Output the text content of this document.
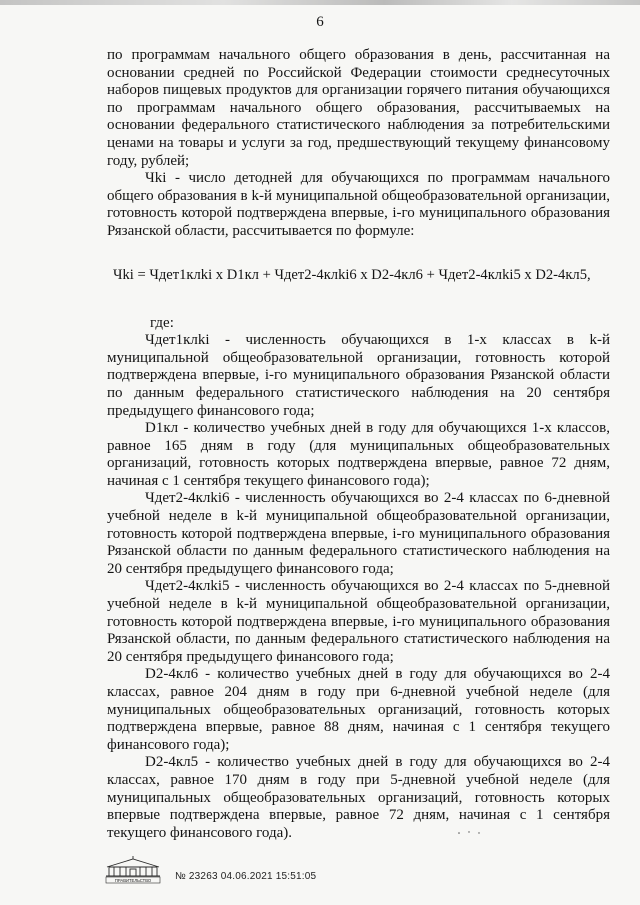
6

по программам начального общего образования в день, рассчитанная на основании средней по Российской Федерации стоимости среднесуточных наборов пищевых продуктов для организации горячего питания обучающихся по программам начального общего образования, рассчитываемых на основании федерального статистического наблюдения за потребительскими ценами на товары и услуги за год, предшествующий текущему финансовому году, рублей;

Чki - число детодней для обучающихся по программам начального общего образования в k-й муниципальной общеобразовательной организации, готовность которой подтверждена впервые, i-го муниципального образования Рязанской области, рассчитывается по формуле:

Чki = Чдет1клki x D1кл + Чдет2-4клki6 x D2-4кл6 + Чдет2-4клki5 x D2-4кл5,

где:

Чдет1клki - численность обучающихся в 1-х классах в k-й муниципальной общеобразовательной организации, готовность которой подтверждена впервые, i-го муниципального образования Рязанской области по данным федерального статистического наблюдения на 20 сентября предыдущего финансового года;

D1кл - количество учебных дней в году для обучающихся 1-х классов, равное 165 дням в году (для муниципальных общеобразовательных организаций, готовность которых подтверждена впервые, равное 72 дням, начиная с 1 сентября текущего финансового года);

Чдет2-4клki6 - численность обучающихся во 2-4 классах по 6-дневной учебной неделе в k-й муниципальной общеобразовательной организации, готовность которой подтверждена впервые, i-го муниципального образования Рязанской области по данным федерального статистического наблюдения на 20 сентября предыдущего финансового года;

Чдет2-4клki5 - численность обучающихся во 2-4 классах по 5-дневной учебной неделе в k-й муниципальной общеобразовательной организации, готовность которой подтверждена впервые, i-го муниципального образования Рязанской области, по данным федерального статистического наблюдения на 20 сентября предыдущего финансового года;

D2-4кл6 - количество учебных дней в году для обучающихся во 2-4 классах, равное 204 дням в году при 6-дневной учебной неделе (для муниципальных общеобразовательных организаций, готовность которых подтверждена впервые, равное 88 дням, начиная с 1 сентября текущего финансового года);

D2-4кл5 - количество учебных дней в году для обучающихся во 2-4 классах, равное 170 дням в году при 5-дневной учебной неделе (для муниципальных общеобразовательных организаций, готовность которых впервые подтверждена впервые, равное 72 дням, начиная с 1 сентября текущего финансового года).

ПРАВИТЕЛЬСТВО № 23263 04.06.2021 15:51:05
